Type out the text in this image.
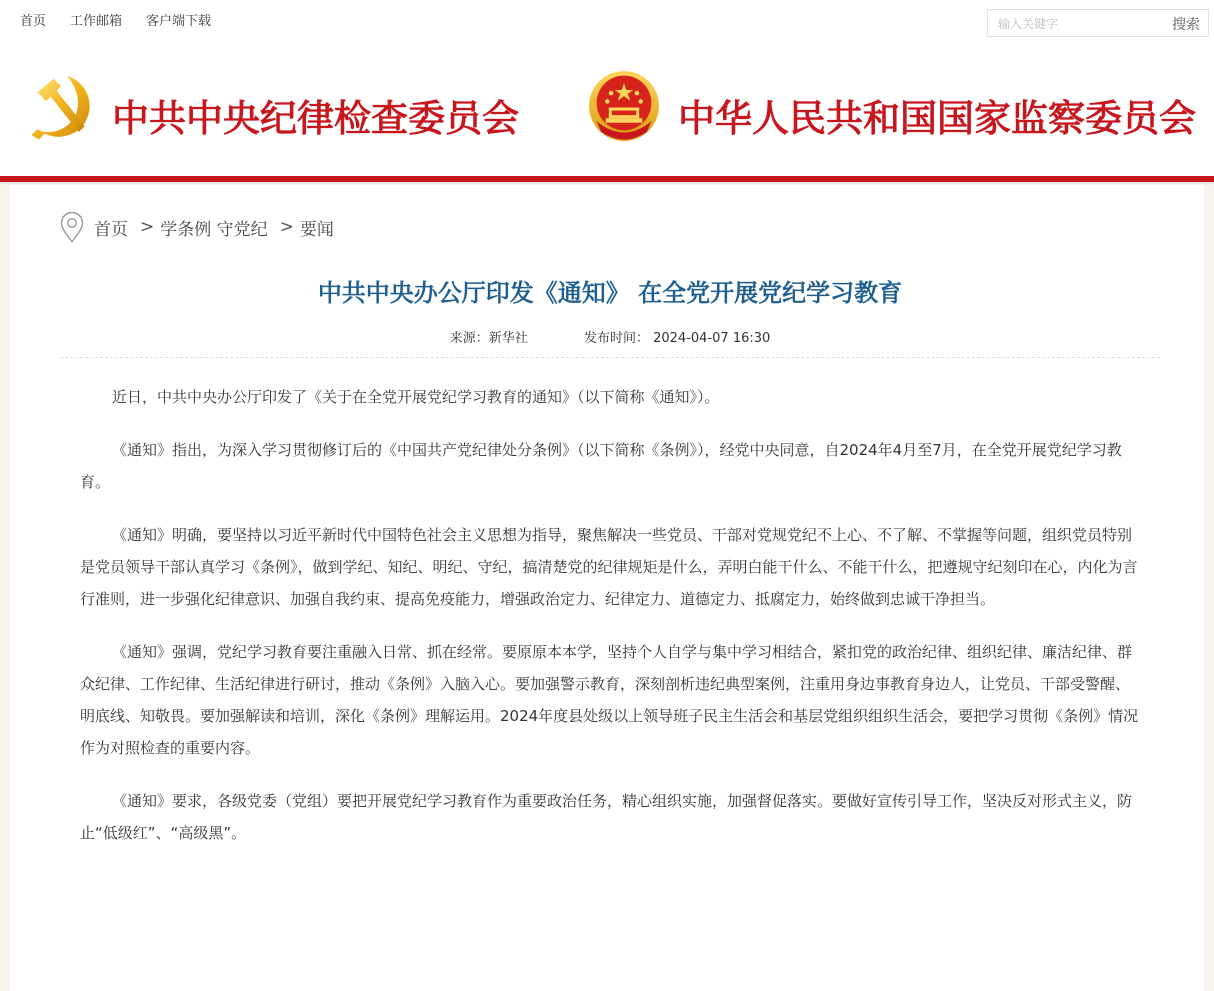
首页 工作邮箱 客户端下载
输入关键字	搜索
中共中央纪律检查委员会	中华人民共和国国家监察委员会
首页 > 学条例 守党纪 > 要闻
中共中央办公厅印发《通知》 在全党开展党纪学习教育
来源：新华社	发布时间： 2024-04-07 16:30

近日，中共中央办公厅印发了《关于在全党开展党纪学习教育的通知》（以下简称《通知》）。

《通知》指出，为深入学习贯彻修订后的《中国共产党纪律处分条例》（以下简称《条例》），经党中央同意，自2024年4月至7月，在全党开展党纪学习教育。

《通知》明确，要坚持以习近平新时代中国特色社会主义思想为指导，聚焦解决一些党员、干部对党规党纪不上心、不了解、不掌握等问题，组织党员特别是党员领导干部认真学习《条例》，做到学纪、知纪、明纪、守纪，搞清楚党的纪律规矩是什么，弄明白能干什么、不能干什么，把遵规守纪刻印在心，内化为言行准则，进一步强化纪律意识、加强自我约束、提高免疫能力，增强政治定力、纪律定力、道德定力、抵腐定力，始终做到忠诚干净担当。

《通知》强调，党纪学习教育要注重融入日常、抓在经常。要原原本本学，坚持个人自学与集中学习相结合，紧扣党的政治纪律、组织纪律、廉洁纪律、群众纪律、工作纪律、生活纪律进行研讨，推动《条例》入脑入心。要加强警示教育，深刻剖析违纪典型案例，注重用身边事教育身边人，让党员、干部受警醒、明底线、知敬畏。要加强解读和培训，深化《条例》理解运用。2024年度县处级以上领导班子民主生活会和基层党组织组织生活会，要把学习贯彻《条例》情况作为对照检查的重要内容。

《通知》要求，各级党委（党组）要把开展党纪学习教育作为重要政治任务，精心组织实施，加强督促落实。要做好宣传引导工作，坚决反对形式主义，防止“低级红”、“高级黑”。
